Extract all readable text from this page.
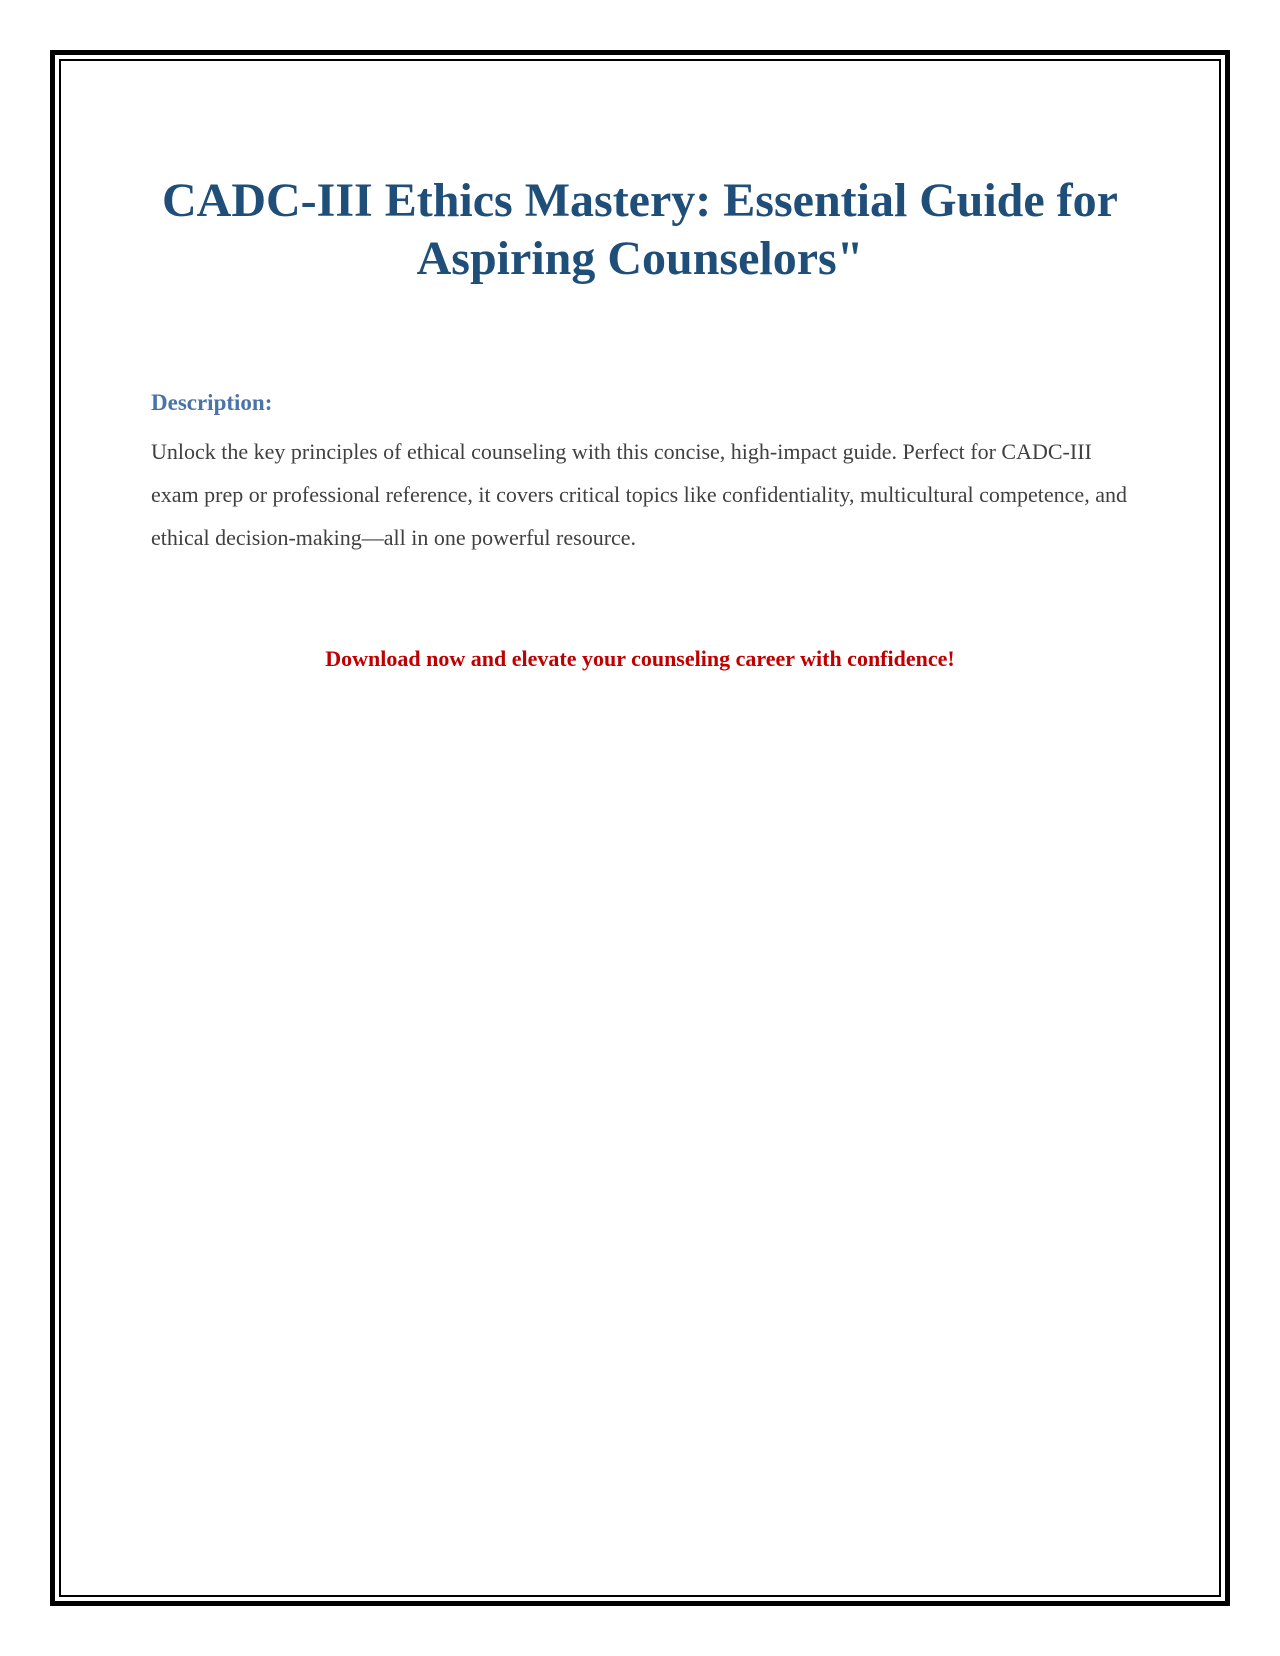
CADC-III Ethics Mastery: Essential Guide for Aspiring Counselors"
Description:

Unlock the key principles of ethical counseling with this concise, high-impact guide. Perfect for CADC-III exam prep or professional reference, it covers critical topics like confidentiality, multicultural competence, and ethical decision-making—all in one powerful resource.

Download now and elevate your counseling career with confidence!
